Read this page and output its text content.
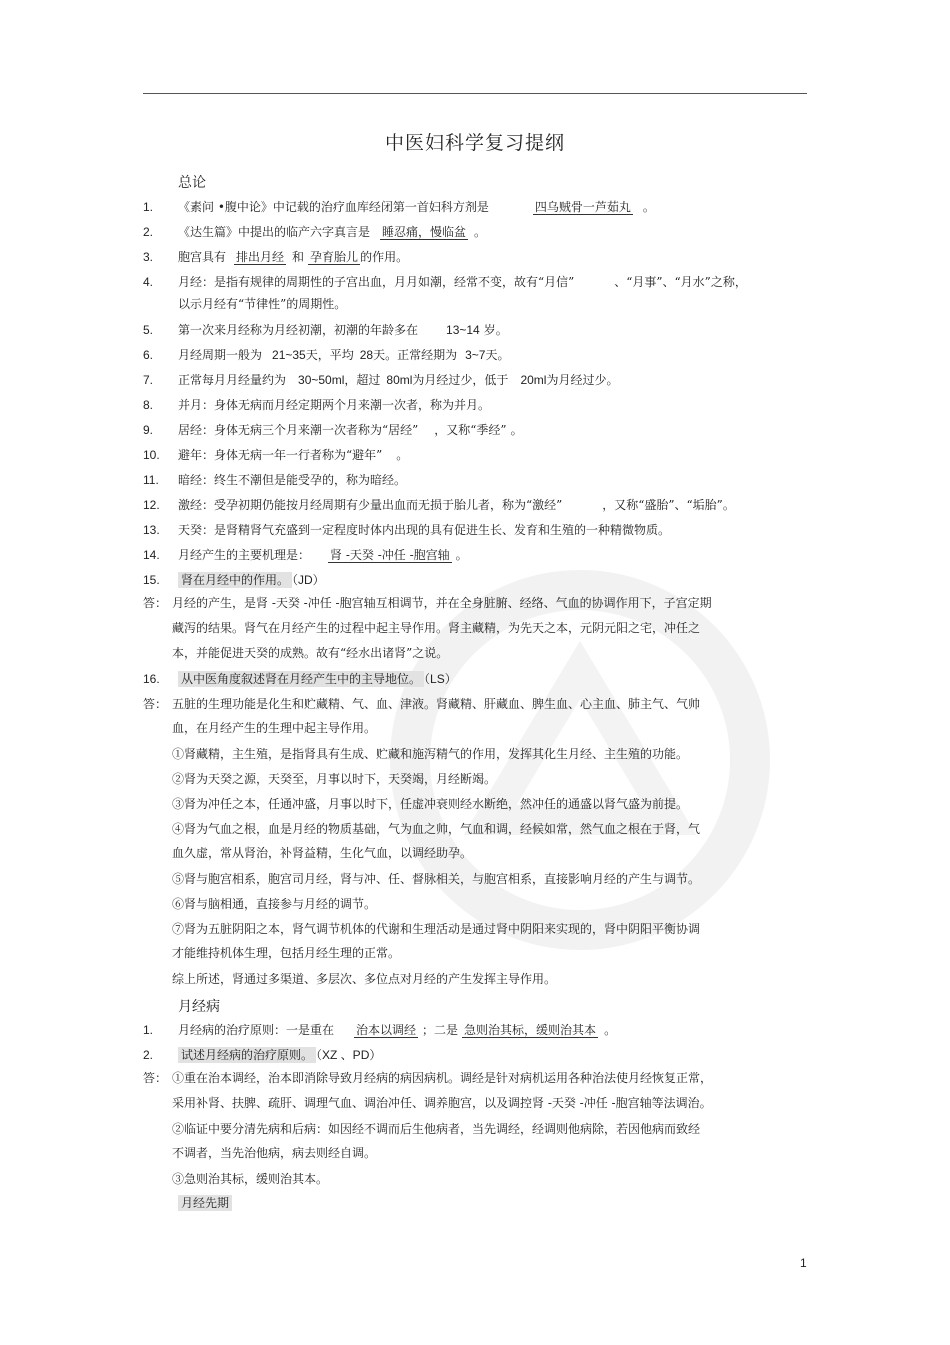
中医妇科学复习提纲
总论
1. 《素问 •腹中论》中记载的治疗血库经闭第一首妇科方剂是	四乌贼骨一芦茹丸 。
2. 《达生篇》中提出的临产六字真言是 睡忍痛，慢临盆 。
3. 胞宫具有 排出月经 和 孕育胎儿 的作用。
4. 月经：是指有规律的周期性的子宫出血，月月如潮，经常不变，故有“月信”	、“月事”、“月水”之称，
以示月经有“节律性”的周期性。
5. 第一次来月经称为月经初潮，初潮的年龄多在 13~14 岁。
6. 月经周期一般为 21~35天，平均 28天。正常经期为 3~7天。
7. 正常每月月经量约为 30~50ml，超过 80ml为月经过少，低于 20ml为月经过少。
8. 并月：身体无病而月经定期两个月来潮一次者，称为并月。
9. 居经：身体无病三个月来潮一次者称为“居经” ，又称“季经” 。
10. 避年：身体无病一年一行者称为“避年” 。
11. 暗经：终生不潮但是能受孕的，称为暗经。
12. 激经：受孕初期仍能按月经周期有少量出血而无损于胎儿者，称为“激经”	，又称“盛胎”、“垢胎”。
13. 天癸：是肾精肾气充盛到一定程度时体内出现的具有促进生长、发育和生殖的一种精微物质。
14. 月经产生的主要机理是： 肾 -天癸 -冲任 -胞宫轴 。
15. 肾在月经中的作用。 （JD）
答： 月经的产生，是肾 -天癸 -冲任 -胞宫轴互相调节，并在全身脏腑、经络、气血的协调作用下，子宫定期
藏泻的结果。肾气在月经产生的过程中起主导作用。肾主藏精，为先天之本，元阴元阳之宅，冲任之
本，并能促进天癸的成熟。故有“经水出诸肾”之说。
16. 从中医角度叙述肾在月经产生中的主导地位。 （LS）
答： 五脏的生理功能是化生和贮藏精、气、血、津液。肾藏精、肝藏血、脾生血、心主血、肺主气、气帅
血，在月经产生的生理中起主导作用。
①肾藏精，主生殖，是指肾具有生成、贮藏和施泻精气的作用，发挥其化生月经、主生殖的功能。
②肾为天癸之源，天癸至，月事以时下，天癸竭，月经断竭。
③肾为冲任之本，任通冲盛，月事以时下，任虚冲衰则经水断绝，然冲任的通盛以肾气盛为前提。
④肾为气血之根，血是月经的物质基础，气为血之帅，气血和调，经候如常，然气血之根在于肾，气
血久虚，常从肾治，补肾益精，生化气血，以调经助孕。
⑤肾与胞宫相系，胞宫司月经，肾与冲、任、督脉相关，与胞宫相系，直接影响月经的产生与调节。
⑥肾与脑相通，直接参与月经的调节。
⑦肾为五脏阴阳之本，肾气调节机体的代谢和生理活动是通过肾中阴阳来实现的，肾中阴阳平衡协调
才能维持机体生理，包括月经生理的正常。
综上所述，肾通过多渠道、多层次、多位点对月经的产生发挥主导作用。
月经病
1. 月经病的治疗原则：一是重在 治本以调经 ；二是 急则治其标，缓则治其本 。
2. 试述月经病的治疗原则。 （XZ 、PD）
答： ①重在治本调经，治本即消除导致月经病的病因病机。调经是针对病机运用各种治法使月经恢复正常，
采用补肾、扶脾、疏肝、调理气血、调治冲任、调养胞宫，以及调控肾 -天癸 -冲任 -胞宫轴等法调治。
②临证中要分清先病和后病：如因经不调而后生他病者，当先调经，经调则他病除，若因他病而致经
不调者，当先治他病，病去则经自调。
③急则治其标，缓则治其本。
月经先期
1
